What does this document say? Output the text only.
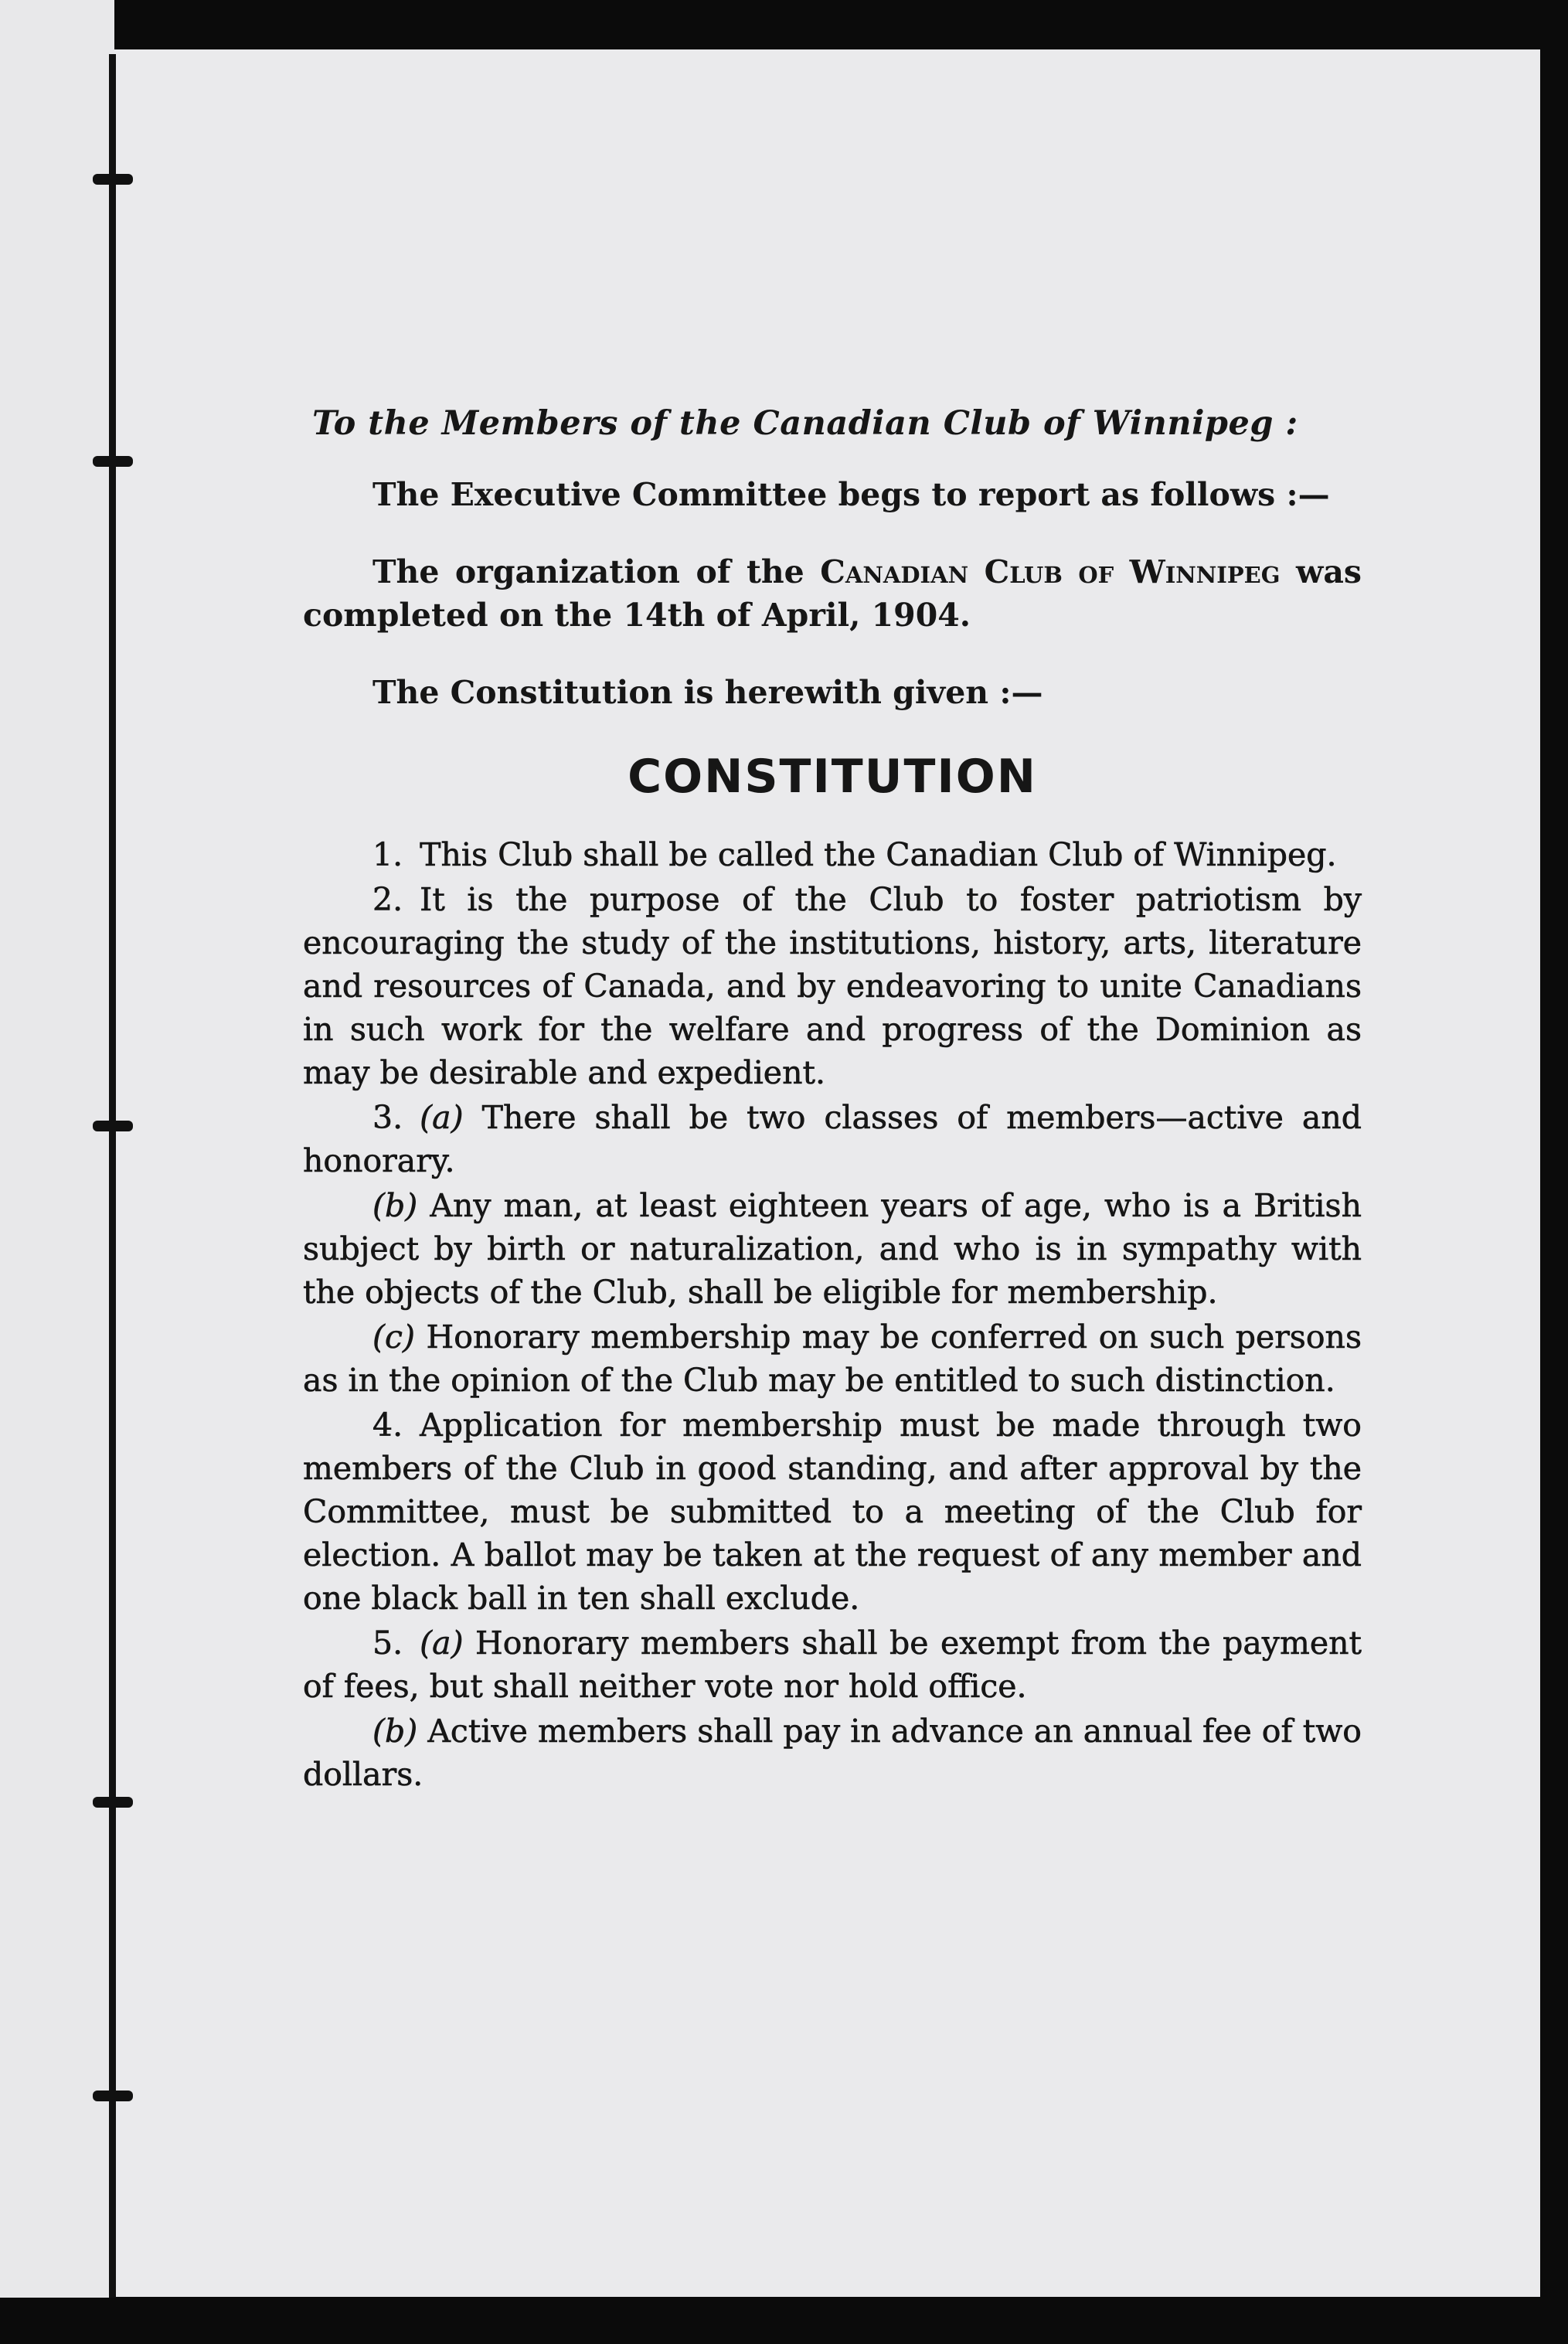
To the Members of the Canadian Club of Winnipeg :

The Executive Committee begs to report as follows :—

The organization of the Canadian Club of Winnipeg was completed on the 14th of April, 1904.

The Constitution is herewith given :—

CONSTITUTION

1. This Club shall be called the Canadian Club of Winnipeg.

2. It is the purpose of the Club to foster patriotism by encouraging the study of the institutions, history, arts, literature and resources of Canada, and by endeavoring to unite Canadians in such work for the welfare and progress of the Dominion as may be desirable and expedient.

3. (a) There shall be two classes of members—active and honorary.

(b) Any man, at least eighteen years of age, who is a British subject by birth or naturalization, and who is in sympathy with the objects of the Club, shall be eligible for membership.

(c) Honorary membership may be conferred on such persons as in the opinion of the Club may be entitled to such distinction.

4. Application for membership must be made through two members of the Club in good standing, and after approval by the Committee, must be submitted to a meeting of the Club for election. A ballot may be taken at the request of any member and one black ball in ten shall exclude.

5. (a) Honorary members shall be exempt from the payment of fees, but shall neither vote nor hold office.

(b) Active members shall pay in advance an annual fee of two dollars.
